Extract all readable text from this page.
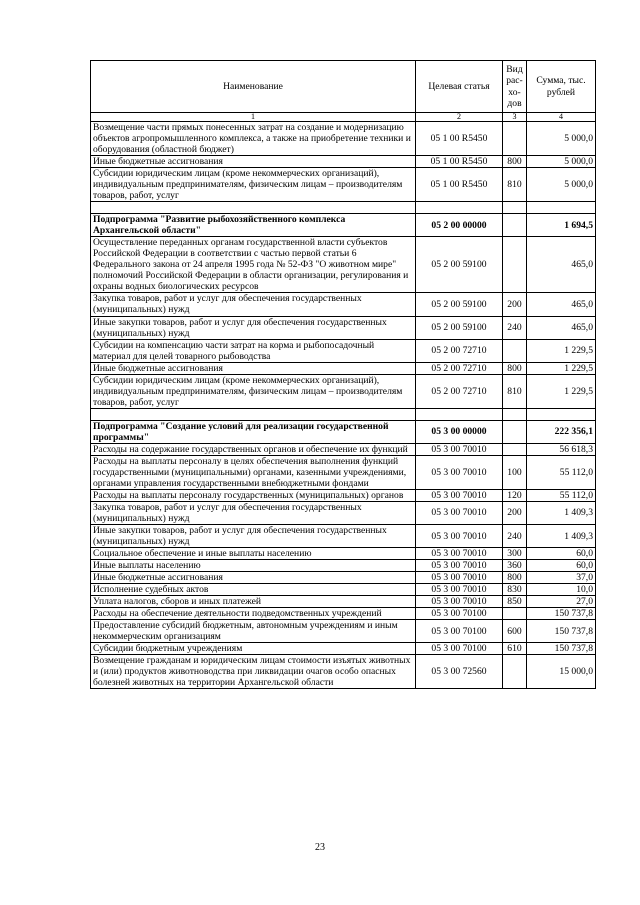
Наименование	Целевая статья	Вид рас- хо- дов	Сумма, тыс. рублей
1	2	3	4
Возмещение части прямых понесенных затрат на создание и модернизацию объектов агропромышленного комплекса, а также на приобретение техники и оборудования (областной бюджет)	05 1 00 R5450		5 000,0
Иные бюджетные ассигнования	05 1 00 R5450	800	5 000,0
Субсидии юридическим лицам (кроме некоммерческих организаций), индивидуальным предпринимателям, физическим лицам – производителям товаров, работ, услуг	05 1 00 R5450	810	5 000,0

Подпрограмма "Развитие рыбохозяйственного комплекса Архангельской области"	05 2 00 00000		1 694,5
Осуществление переданных органам государственной власти субъектов Российской Федерации в соответствии с частью первой статьи 6 Федерального закона от 24 апреля 1995 года № 52-ФЗ "О животном мире" полномочий Российской Федерации в области организации, регулирования и охраны водных биологических ресурсов	05 2 00 59100		465,0
Закупка товаров, работ и услуг для обеспечения государственных (муниципальных) нужд	05 2 00 59100	200	465,0
Иные закупки товаров, работ и услуг для обеспечения государственных (муниципальных) нужд	05 2 00 59100	240	465,0
Субсидии на компенсацию части затрат на корма и рыбопосадочный материал для целей товарного рыбоводства	05 2 00 72710		1 229,5
Иные бюджетные ассигнования	05 2 00 72710	800	1 229,5
Субсидии юридическим лицам (кроме некоммерческих организаций), индивидуальным предпринимателям, физическим лицам – производителям товаров, работ, услуг	05 2 00 72710	810	1 229,5

Подпрограмма "Создание условий для реализации государственной программы"	05 3 00 00000		222 356,1
Расходы на содержание государственных органов и обеспечение их функций	05 3 00 70010		56 618,3
Расходы на выплаты персоналу в целях обеспечения выполнения функций государственными (муниципальными) органами, казенными учреждениями, органами управления государственными внебюджетными фондами	05 3 00 70010	100	55 112,0
Расходы на выплаты персоналу государственных (муниципальных) органов	05 3 00 70010	120	55 112,0
Закупка товаров, работ и услуг для обеспечения государственных (муниципальных) нужд	05 3 00 70010	200	1 409,3
Иные закупки товаров, работ и услуг для обеспечения государственных (муниципальных) нужд	05 3 00 70010	240	1 409,3
Социальное обеспечение и иные выплаты населению	05 3 00 70010	300	60,0
Иные выплаты населению	05 3 00 70010	360	60,0
Иные бюджетные ассигнования	05 3 00 70010	800	37,0
Исполнение судебных актов	05 3 00 70010	830	10,0
Уплата налогов, сборов и иных платежей	05 3 00 70010	850	27,0
Расходы на обеспечение деятельности подведомственных учреждений	05 3 00 70100		150 737,8
Предоставление субсидий бюджетным, автономным учреждениям и иным некоммерческим организациям	05 3 00 70100	600	150 737,8
Субсидии бюджетным учреждениям	05 3 00 70100	610	150 737,8
Возмещение гражданам и юридическим лицам стоимости изъятых животных и (или) продуктов животноводства при ликвидации очагов особо опасных болезней животных на территории Архангельской области	05 3 00 72560		15 000,0
23
